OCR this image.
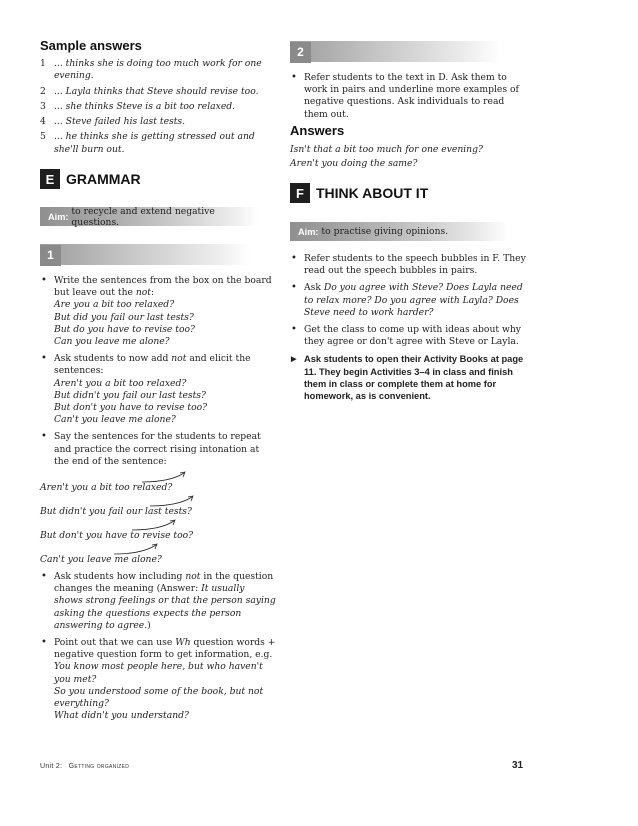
Sample answers
1 ... thinks she is doing too much work for one evening.
2 ... Layla thinks that Steve should revise too.
3 ... she thinks Steve is a bit too relaxed.
4 ... Steve failed his last tests.
5 ... he thinks she is getting stressed out and she'll burn out.
E GRAMMAR
Aim: to recycle and extend negative questions.
1
• Write the sentences from the box on the board but leave out the not:
Are you a bit too relaxed?
But did you fail our last tests?
But do you have to revise too?
Can you leave me alone?
• Ask students to now add not and elicit the sentences:
Aren't you a bit too relaxed?
But didn't you fail our last tests?
But don't you have to revise too?
Can't you leave me alone?
• Say the sentences for the students to repeat and practice the correct rising intonation at the end of the sentence:
Aren't you a bit too relaxed?
But didn't you fail our last tests?
But don't you have to revise too?
Can't you leave me alone?
• Ask students how including not in the question changes the meaning (Answer: It usually shows strong feelings or that the person saying asking the questions expects the person answering to agree.)
• Point out that we can use Wh question words + negative question form to get information, e.g.
You know most people here, but who haven't you met?
So you understood some of the book, but not everything?
What didn't you understand?
2
• Refer students to the text in D. Ask them to work in pairs and underline more examples of negative questions. Ask individuals to read them out.
Answers
Isn't that a bit too much for one evening?
Aren't you doing the same?
F THINK ABOUT IT
Aim: to practise giving opinions.
• Refer students to the speech bubbles in F. They read out the speech bubbles in pairs.
• Ask Do you agree with Steve? Does Layla need to relax more? Do you agree with Layla? Does Steve need to work harder?
• Get the class to come up with ideas about why they agree or don't agree with Steve or Layla.
▶ Ask students to open their Activity Books at page 11. They begin Activities 3–4 in class and finish them in class or complete them at home for homework, as is convenient.
Unit 2: Getting organized	31
